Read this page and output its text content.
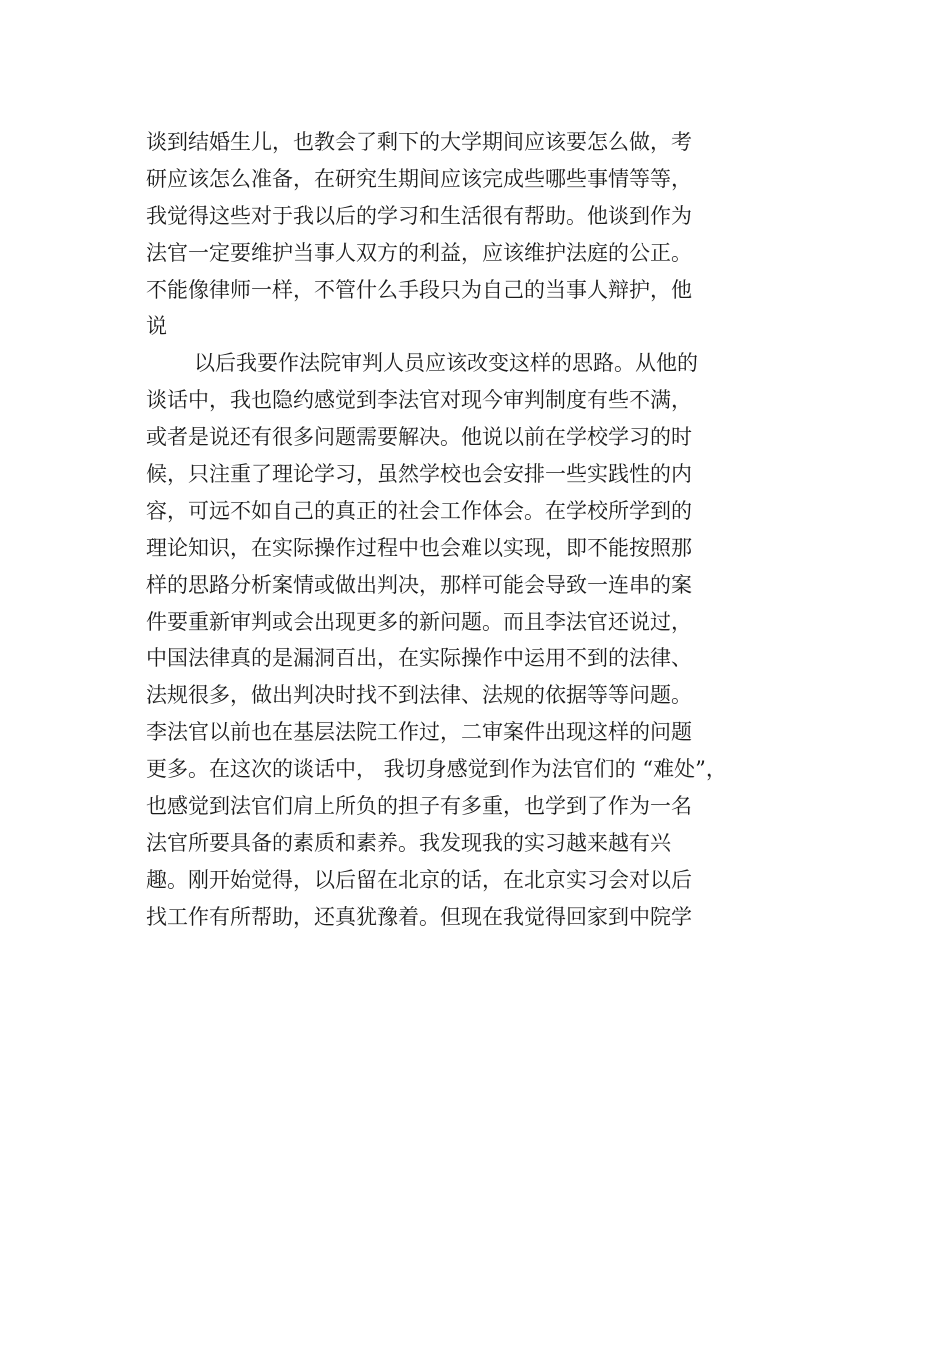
谈到结婚生儿，也教会了剩下的大学期间应该要怎么做，考
研应该怎么准备，在研究生期间应该完成些哪些事情等等，
我觉得这些对于我以后的学习和生活很有帮助。他谈到作为
法官一定要维护当事人双方的利益，应该维护法庭的公正。
不能像律师一样，不管什么手段只为自己的当事人辩护，他
说
以后我要作法院审判人员应该改变这样的思路。从他的
谈话中，我也隐约感觉到李法官对现今审判制度有些不满，
或者是说还有很多问题需要解决。他说以前在学校学习的时
候，只注重了理论学习，虽然学校也会安排一些实践性的内
容，可远不如自己的真正的社会工作体会。在学校所学到的
理论知识，在实际操作过程中也会难以实现，即不能按照那
样的思路分析案情或做出判决，那样可能会导致一连串的案
件要重新审判或会出现更多的新问题。而且李法官还说过，
中国法律真的是漏洞百出，在实际操作中运用不到的法律、
法规很多，做出判决时找不到法律、法规的依据等等问题。
李法官以前也在基层法院工作过，二审案件出现这样的问题
更多。在这次的谈话中， 我切身感觉到作为法官们的 “难处”，
也感觉到法官们肩上所负的担子有多重，也学到了作为一名
法官所要具备的素质和素养。我发现我的实习越来越有兴
趣。刚开始觉得，以后留在北京的话，在北京实习会对以后
找工作有所帮助，还真犹豫着。但现在我觉得回家到中院学
